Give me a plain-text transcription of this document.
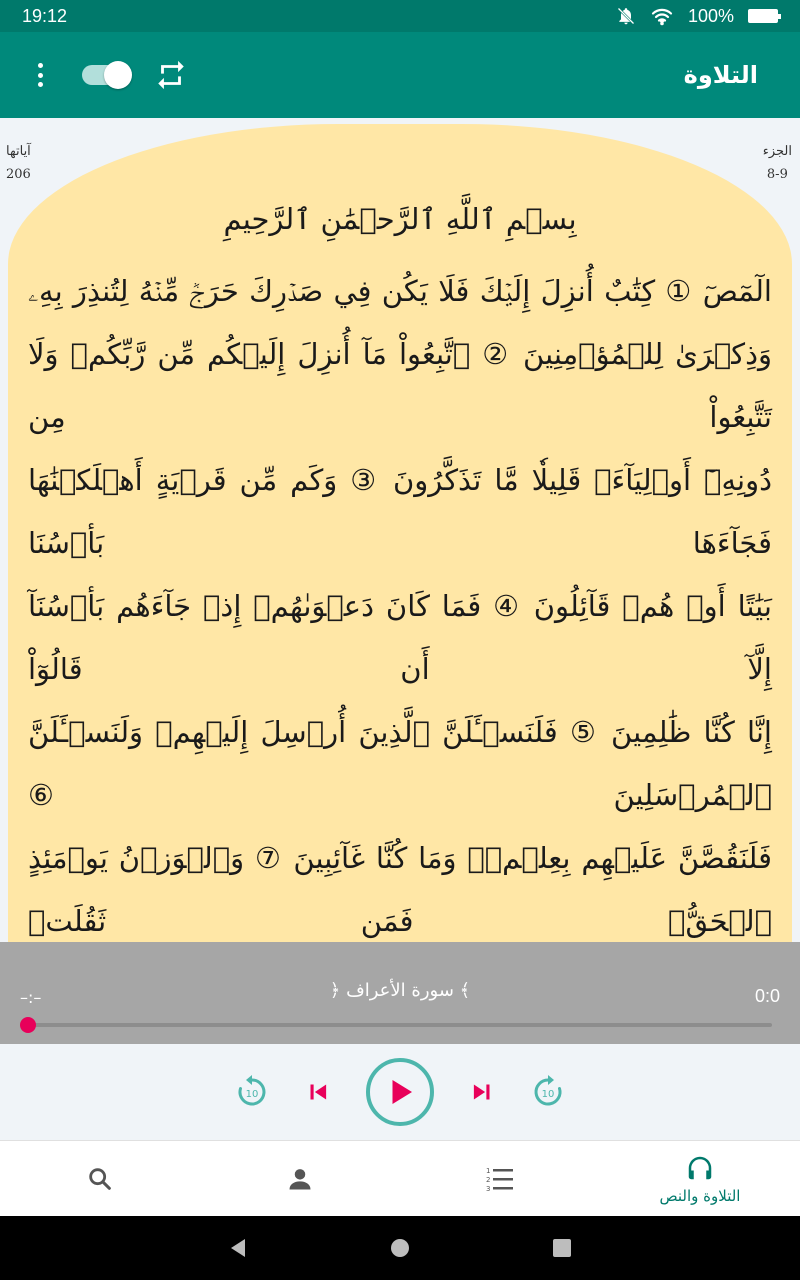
19:12	100%
التلاوة
آياتها
206
الجزء
8-9
بِسۡمِ ٱللَّهِ ٱلرَّحۡمَٰنِ ٱلرَّحِيمِ
الٓمٓصٓ ① كِتَٰبٌ أُنزِلَ إِلَيۡكَ فَلَا يَكُن فِي صَدۡرِكَ حَرَجٞ مِّنۡهُ لِتُنذِرَ بِهِۦ
وَذِكۡرَىٰ لِلۡمُؤۡمِنِينَ ② ٱتَّبِعُواْ مَآ أُنزِلَ إِلَيۡكُم مِّن رَّبِّكُمۡ وَلَا تَتَّبِعُواْ مِن
دُونِهِۦٓ أَوۡلِيَآءَۗ قَلِيلٗا مَّا تَذَكَّرُونَ ③ وَكَم مِّن قَرۡيَةٍ أَهۡلَكۡنَٰهَا فَجَآءَهَا بَأۡسُنَا
بَيَٰتًا أَوۡ هُمۡ قَآئِلُونَ ④ فَمَا كَانَ دَعۡوَىٰهُمۡ إِذۡ جَآءَهُم بَأۡسُنَآ إِلَّآ أَن قَالُوٓاْ
إِنَّا كُنَّا ظَٰلِمِينَ ⑤ فَلَنَسۡـَٔلَنَّ ٱلَّذِينَ أُرۡسِلَ إِلَيۡهِمۡ وَلَنَسۡـَٔلَنَّ ٱلۡمُرۡسَلِينَ ⑥
فَلَنَقُصَّنَّ عَلَيۡهِم بِعِلۡمٖۖ وَمَا كُنَّا غَآئِبِينَ ⑦ وَٱلۡوَزۡنُ يَوۡمَئِذٍ ٱلۡحَقُّۚ فَمَن ثَقُلَتۡ
﴿ سورة الأعراف ﴾
–:–	0:0
10	10
1
2
3	التلاوة والنص
